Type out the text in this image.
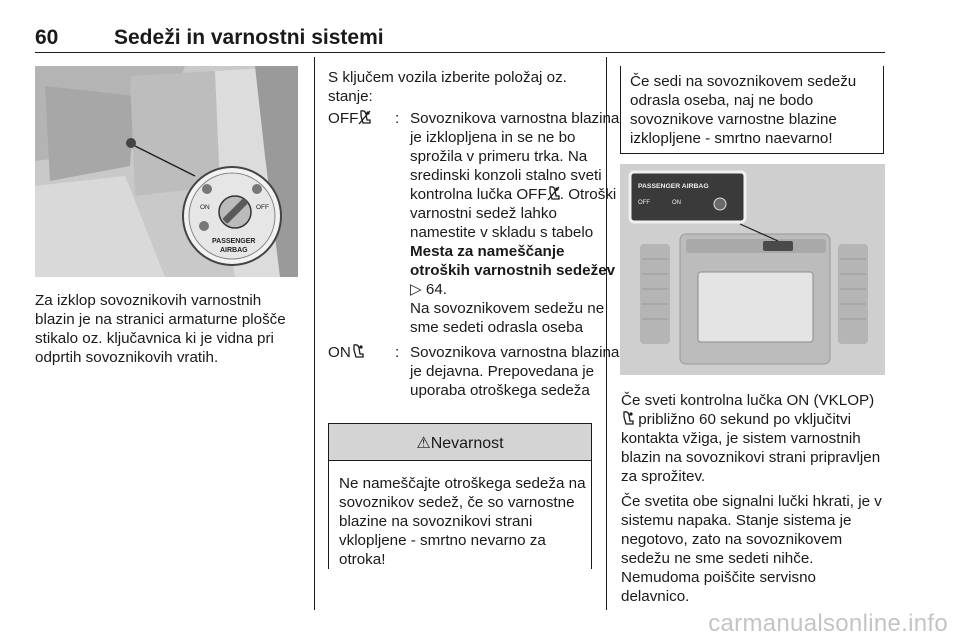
60	Sedeži in varnostni sistemi
ON	OFF
PASSENGER
AIRBAG

Za izklop sovoznikovih varnostnih blazin je na stranici armaturne plošče stikalo oz. ključavnica ki je vidna pri odprtih sovoznikovih vratih.

S ključem vozila izberite položaj oz. stanje:

OFF	: Sovoznikova varnostna blazina je izklopljena in se ne bo sprožila v primeru trka. Na sredinski konzoli stalno sveti kontrolna lučka OFF . Otroški varnostni sedež lahko namestite v skladu s tabelo Mesta za nameščanje otroških varnostnih sedežev ▷ 64.
Na sovoznikovem sedežu ne sme sedeti odrasla oseba
ON	: Sovoznikova varnostna blazina je dejavna. Prepovedana je uporaba otroškega sedeža
⚠Nevarnost
Ne nameščajte otroškega sedeža na sovoznikov sedež, če so varnostne blazine na sovoznikovi strani vklopljene - smrtno nevarno za otroka!
Če sedi na sovoznikovem sedežu odrasla oseba, naj ne bodo sovoznikove varnostne blazine izklopljene - smrtno naevarno!
PASSENGER AIRBAG
OFF	ON

Če sveti kontrolna lučka ON (VKLOP) približno 60 sekund po vključitvi kontakta vžiga, je sistem varnostnih blazin na sovoznikovi strani pripravljen za sprožitev.

Če svetita obe signalni lučki hkrati, je v sistemu napaka. Stanje sistema je negotovo, zato na sovoznikovem sedežu ne sme sedeti nihče. Nemudoma poiščite servisno delavnico.

carmanualsonline.info
